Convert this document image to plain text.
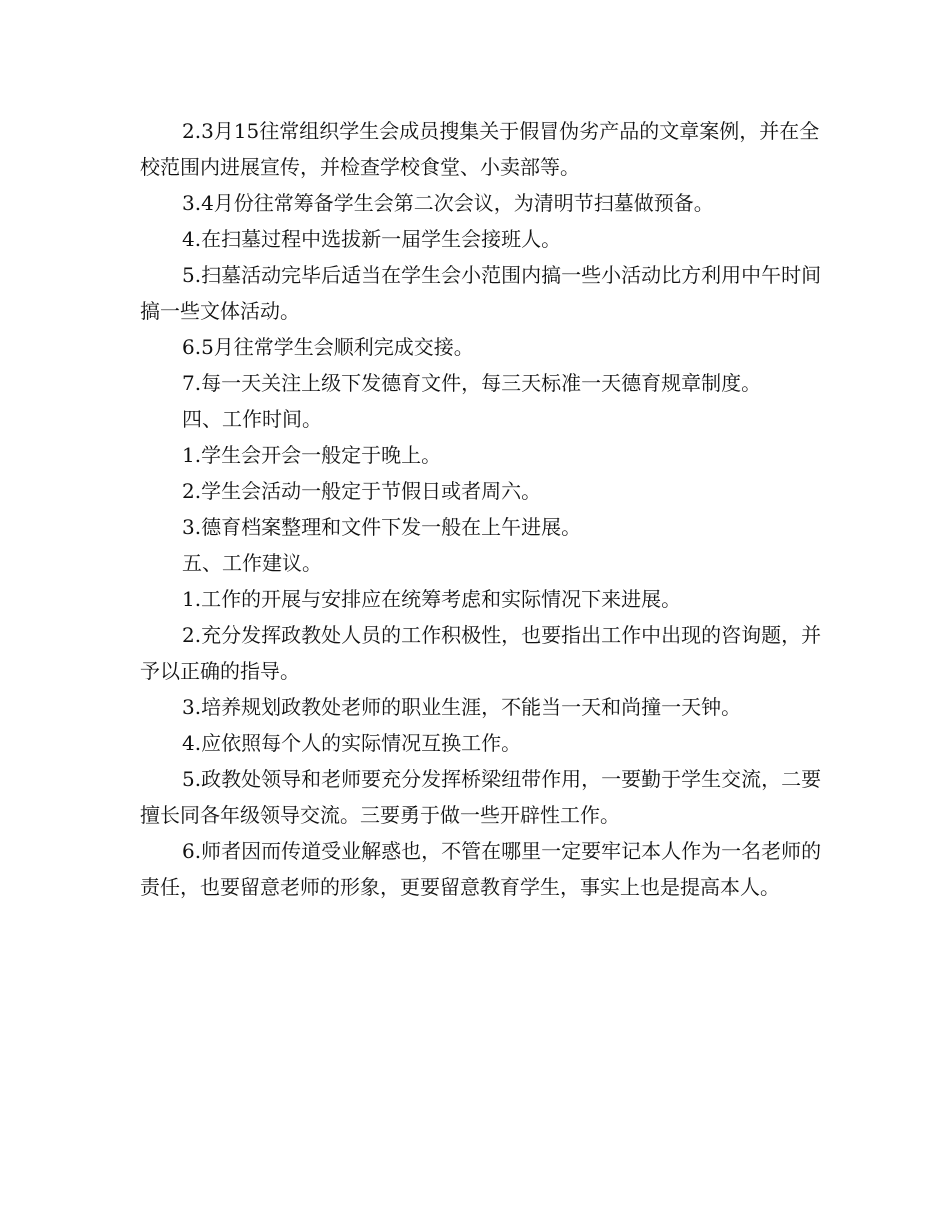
2.3月15往常组织学生会成员搜集关于假冒伪劣产品的文章案例，并在全校范围内进展宣传，并检查学校食堂、小卖部等。

3.4月份往常筹备学生会第二次会议，为清明节扫墓做预备。

4.在扫墓过程中选拔新一届学生会接班人。

5.扫墓活动完毕后适当在学生会小范围内搞一些小活动比方利用中午时间搞一些文体活动。

6.5月往常学生会顺利完成交接。

7.每一天关注上级下发德育文件，每三天标准一天德育规章制度。

四、工作时间。

1.学生会开会一般定于晚上。

2.学生会活动一般定于节假日或者周六。

3.德育档案整理和文件下发一般在上午进展。

五、工作建议。

1.工作的开展与安排应在统筹考虑和实际情况下来进展。

2.充分发挥政教处人员的工作积极性，也要指出工作中出现的咨询题，并予以正确的指导。

3.培养规划政教处老师的职业生涯，不能当一天和尚撞一天钟。

4.应依照每个人的实际情况互换工作。

5.政教处领导和老师要充分发挥桥梁纽带作用，一要勤于学生交流，二要擅长同各年级领导交流。三要勇于做一些开辟性工作。

6.师者因而传道受业解惑也，不管在哪里一定要牢记本人作为一名老师的责任，也要留意老师的形象，更要留意教育学生，事实上也是提高本人。
